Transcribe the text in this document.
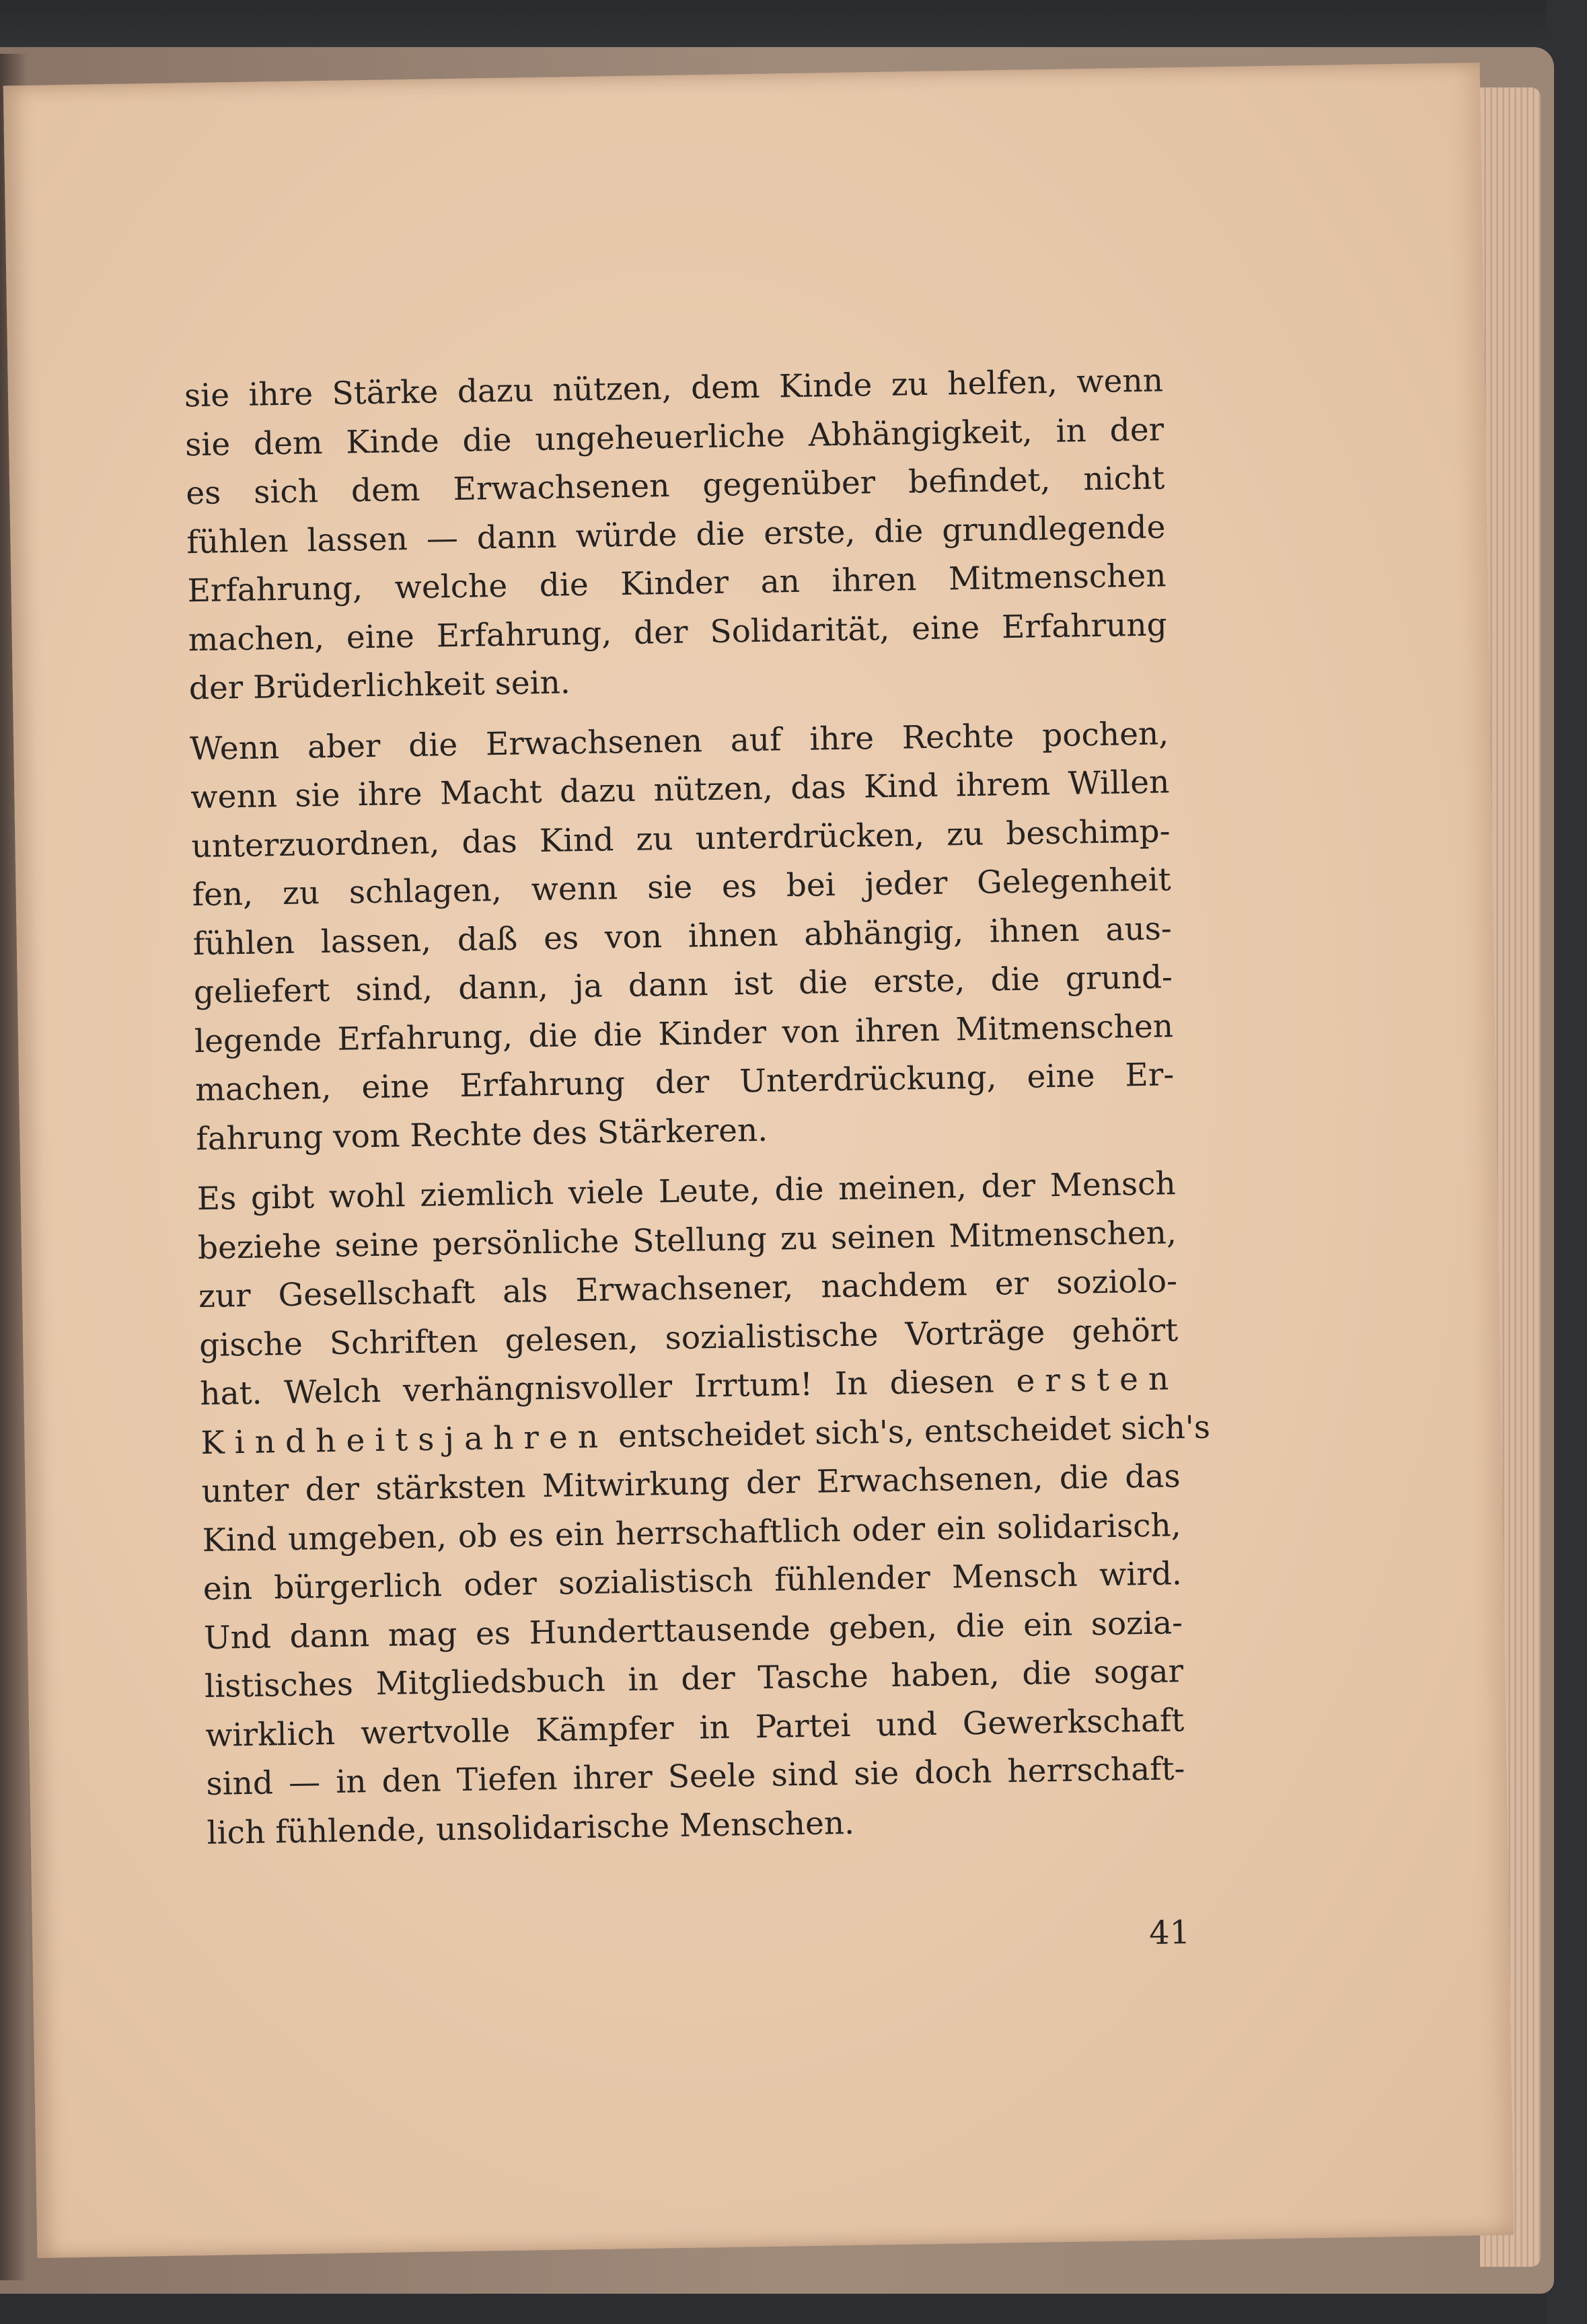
sie ihre Stärke dazu nützen, dem Kinde zu helfen, wenn
sie dem Kinde die ungeheuerliche Abhängigkeit, in der
es sich dem Erwachsenen gegenüber befindet, nicht
fühlen lassen — dann würde die erste, die grundlegende
Erfahrung, welche die Kinder an ihren Mitmenschen
machen, eine Erfahrung, der Solidarität, eine Erfahrung
der Brüderlichkeit sein.
Wenn aber die Erwachsenen auf ihre Rechte pochen,
wenn sie ihre Macht dazu nützen, das Kind ihrem Willen
unterzuordnen, das Kind zu unterdrücken, zu beschimp-
fen, zu schlagen, wenn sie es bei jeder Gelegenheit
fühlen lassen, daß es von ihnen abhängig, ihnen aus-
geliefert sind, dann, ja dann ist die erste, die grund-
legende Erfahrung, die die Kinder von ihren Mitmenschen
machen, eine Erfahrung der Unterdrückung, eine Er-
fahrung vom Rechte des Stärkeren.
Es gibt wohl ziemlich viele Leute, die meinen, der Mensch
beziehe seine persönliche Stellung zu seinen Mitmenschen,
zur Gesellschaft als Erwachsener, nachdem er soziolo-
gische Schriften gelesen, sozialistische Vorträge gehört
hat. Welch verhängnisvoller Irrtum! In diesen ersten
Kindheitsjahren entscheidet sich's, entscheidet sich's
unter der stärksten Mitwirkung der Erwachsenen, die das
Kind umgeben, ob es ein herrschaftlich oder ein solidarisch,
ein bürgerlich oder sozialistisch fühlender Mensch wird.
Und dann mag es Hunderttausende geben, die ein sozia-
listisches Mitgliedsbuch in der Tasche haben, die sogar
wirklich wertvolle Kämpfer in Partei und Gewerkschaft
sind — in den Tiefen ihrer Seele sind sie doch herrschaft-
lich fühlende, unsolidarische Menschen.
41
